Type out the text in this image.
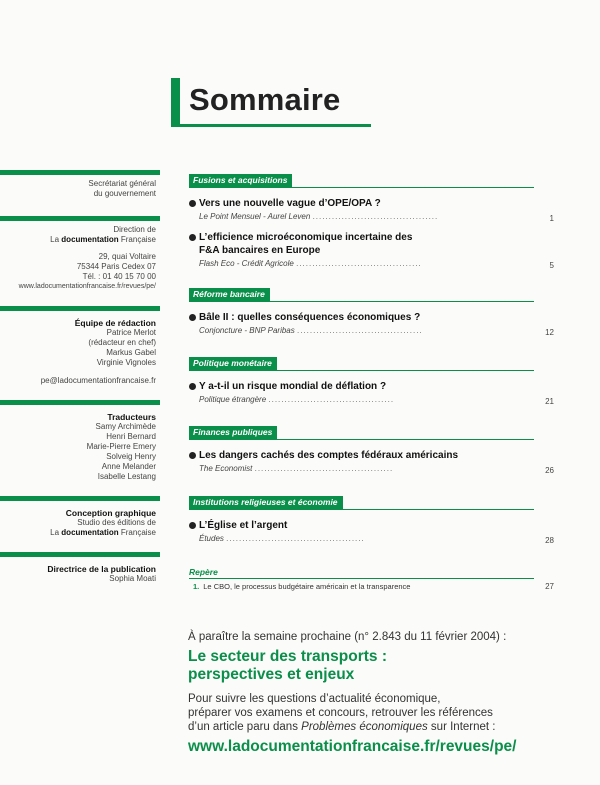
Sommaire
Secrétariat général
du gouvernement
Direction de
La documentation Française
29, quai Voltaire
75344 Paris Cedex 07
Tél. : 01 40 15 70 00
www.ladocumentationfrancaise.fr/revues/pe/
Équipe de rédaction
Patrice Merlot
(rédacteur en chef)
Markus Gabel
Virginie Vignoles
pe@ladocumentationfrancaise.fr
Traducteurs
Samy Archimède
Henri Bernard
Marie-Pierre Emery
Solveig Henry
Anne Melander
Isabelle Lestang
Conception graphique
Studio des éditions de
La documentation Française
Directrice de la publication
Sophia Moati
Fusions et acquisitions
Vers une nouvelle vague d’OPE/OPA ?
Le Point Mensuel - Aurel Leven .......................................	1
L’efficience microéconomique incertaine des F&A bancaires en Europe
Flash Eco - Crédit Agricole .......................................	5
Réforme bancaire
Bâle II : quelles conséquences économiques ?
Conjoncture - BNP Paribas .......................................	12
Politique monétaire
Y a-t-il un risque mondial de déflation ?
Politique étrangère .......................................	21
Finances publiques
Les dangers cachés des comptes fédéraux américains
The Economist ...........................................	26
Institutions religieuses et économie
L’Église et l’argent
Études ...........................................	28
Repère
1. Le CBO, le processus budgétaire américain et la transparence	27
À paraître la semaine prochaine (n° 2.843 du 11 février 2004) :
Le secteur des transports :
perspectives et enjeux
Pour suivre les questions d’actualité économique,
préparer vos examens et concours, retrouver les références
d’un article paru dans Problèmes économiques sur Internet :
www.ladocumentationfrancaise.fr/revues/pe/
